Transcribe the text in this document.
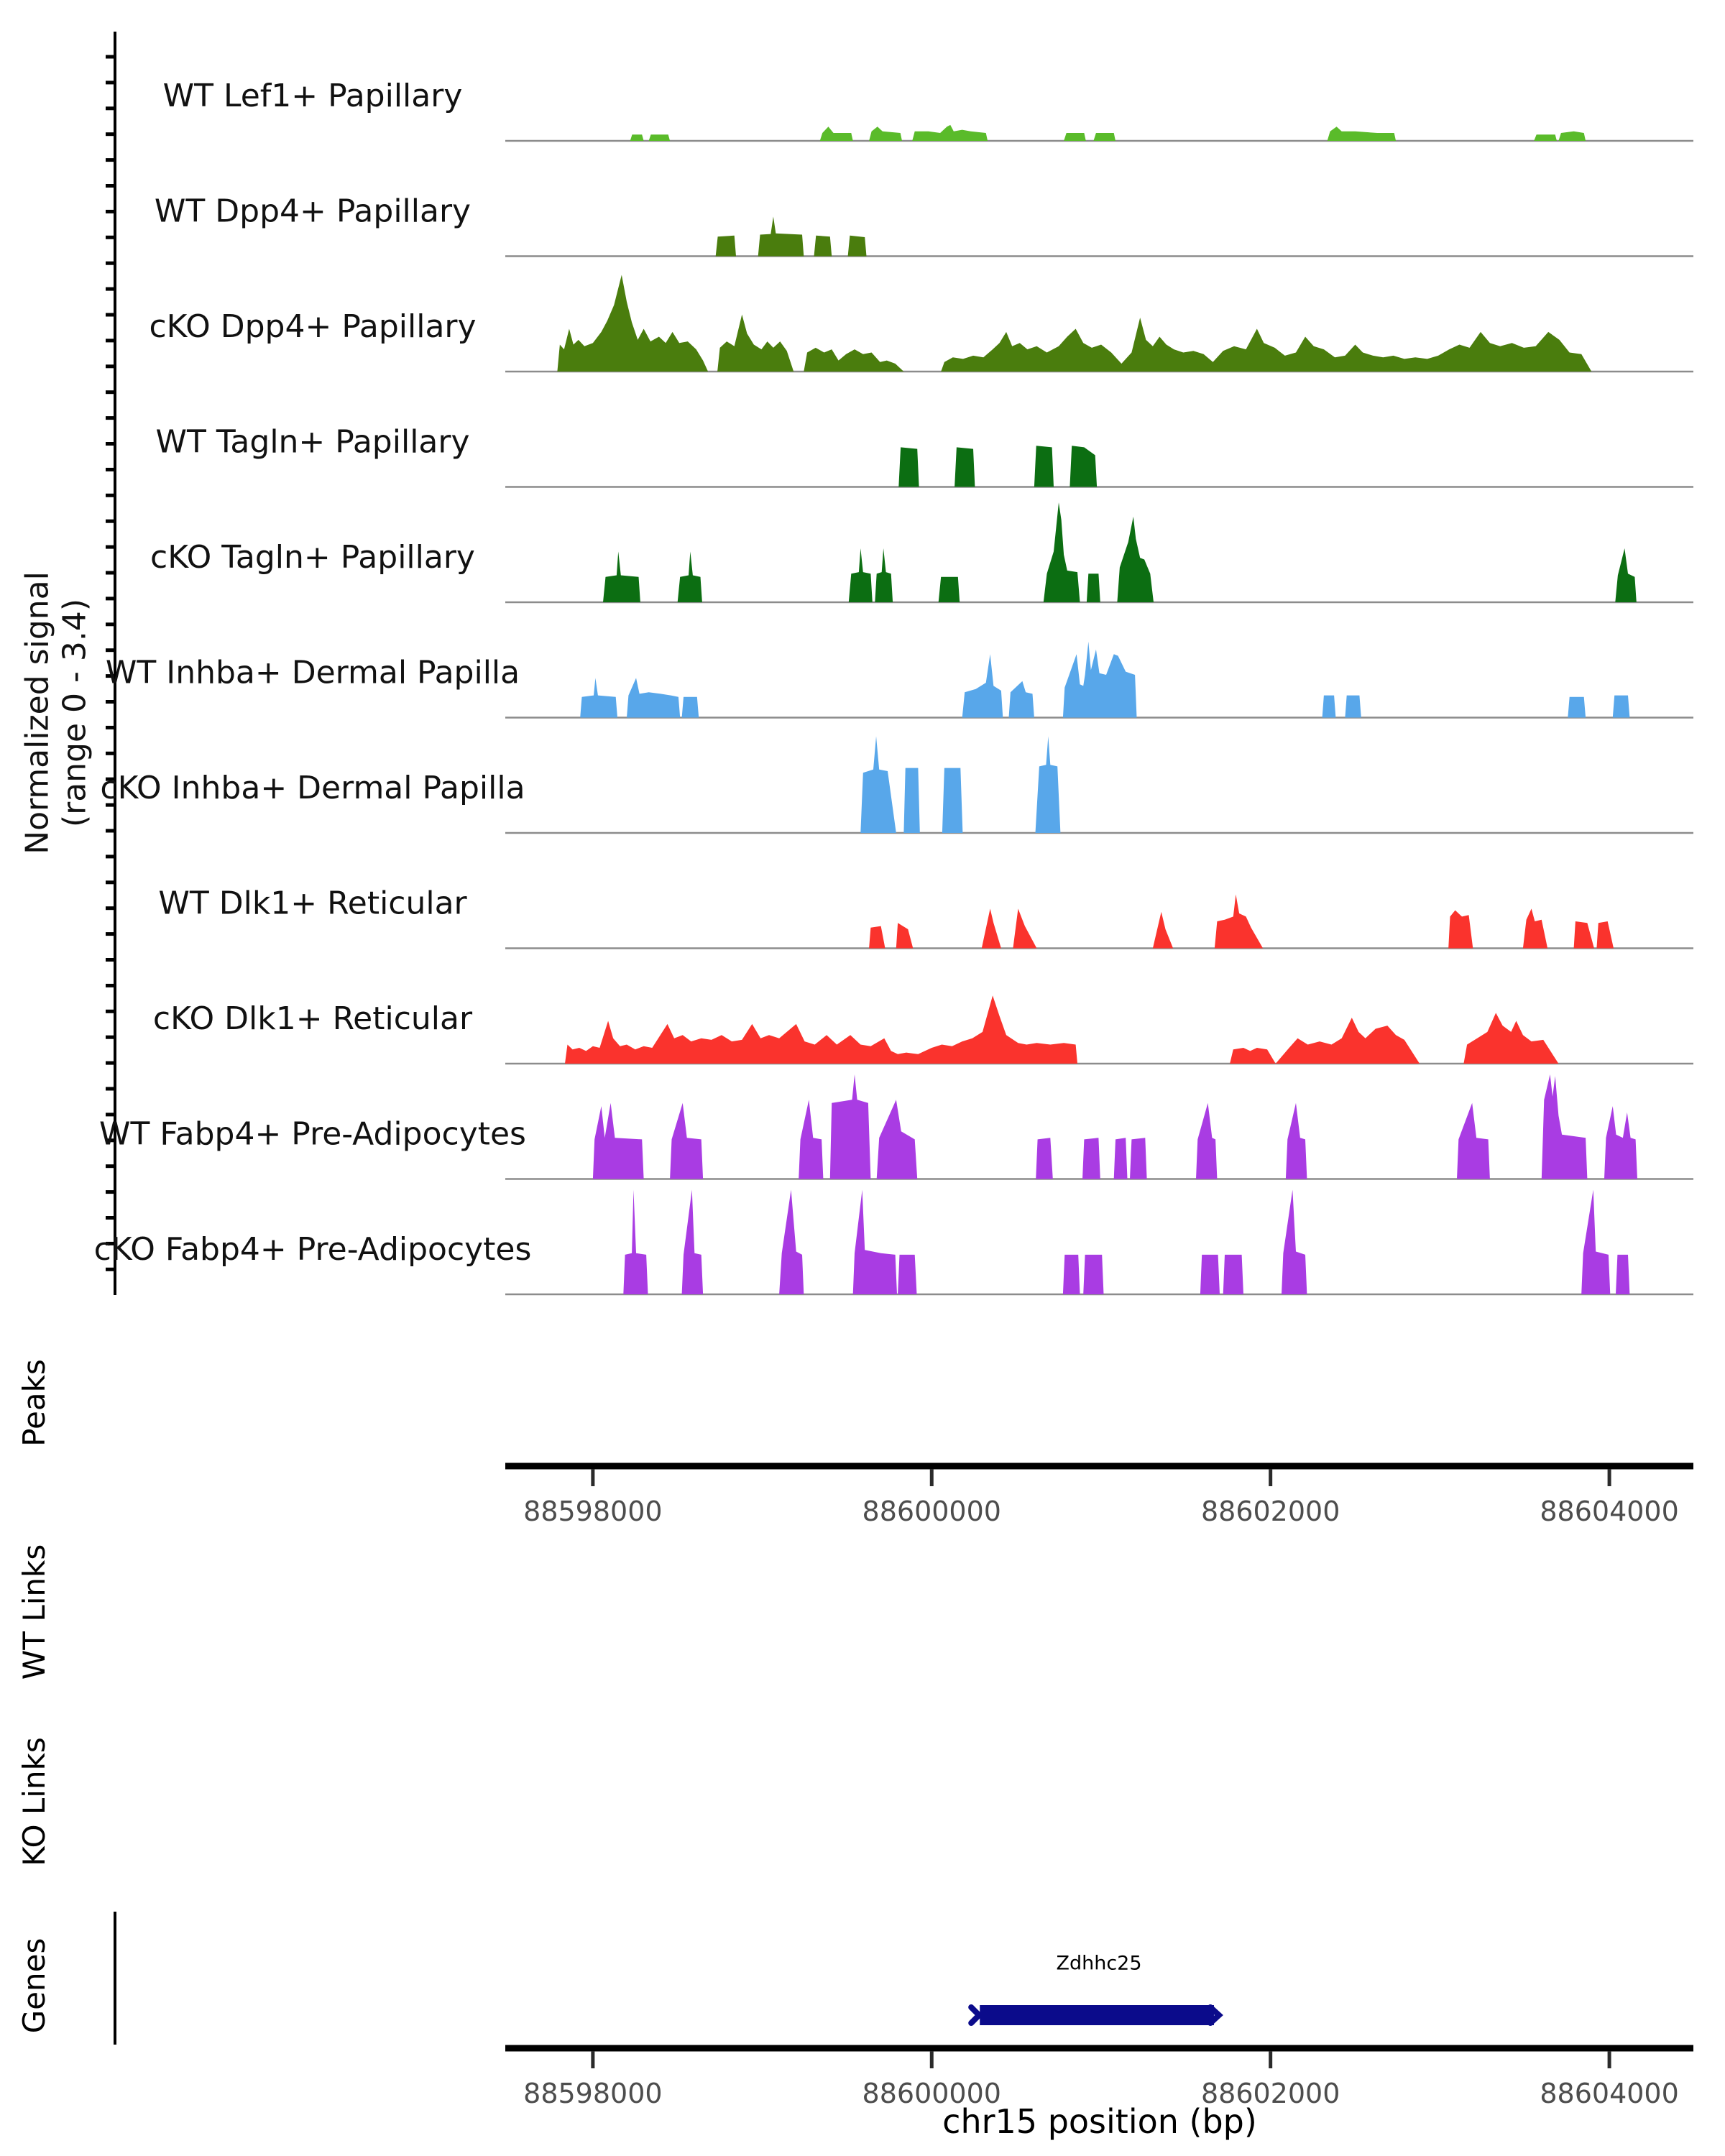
WT Lef1+ Papillary
WT Dpp4+ Papillary
cKO Dpp4+ Papillary
WT Tagln+ Papillary
cKO Tagln+ Papillary
WT Inhba+ Dermal Papilla
cKO Inhba+ Dermal Papilla
WT Dlk1+ Reticular
cKO Dlk1+ Reticular
WT Fabp4+ Pre-Adipocytes
cKO Fabp4+ Pre-Adipocytes
88598000	88600000	88602000	88604000
88598000	88600000	88602000	88604000
Peaks
WT Links
KO Links
Genes
Normalized signal (range 0 - 3.4)
Zdhhc25
chr15 position (bp)
